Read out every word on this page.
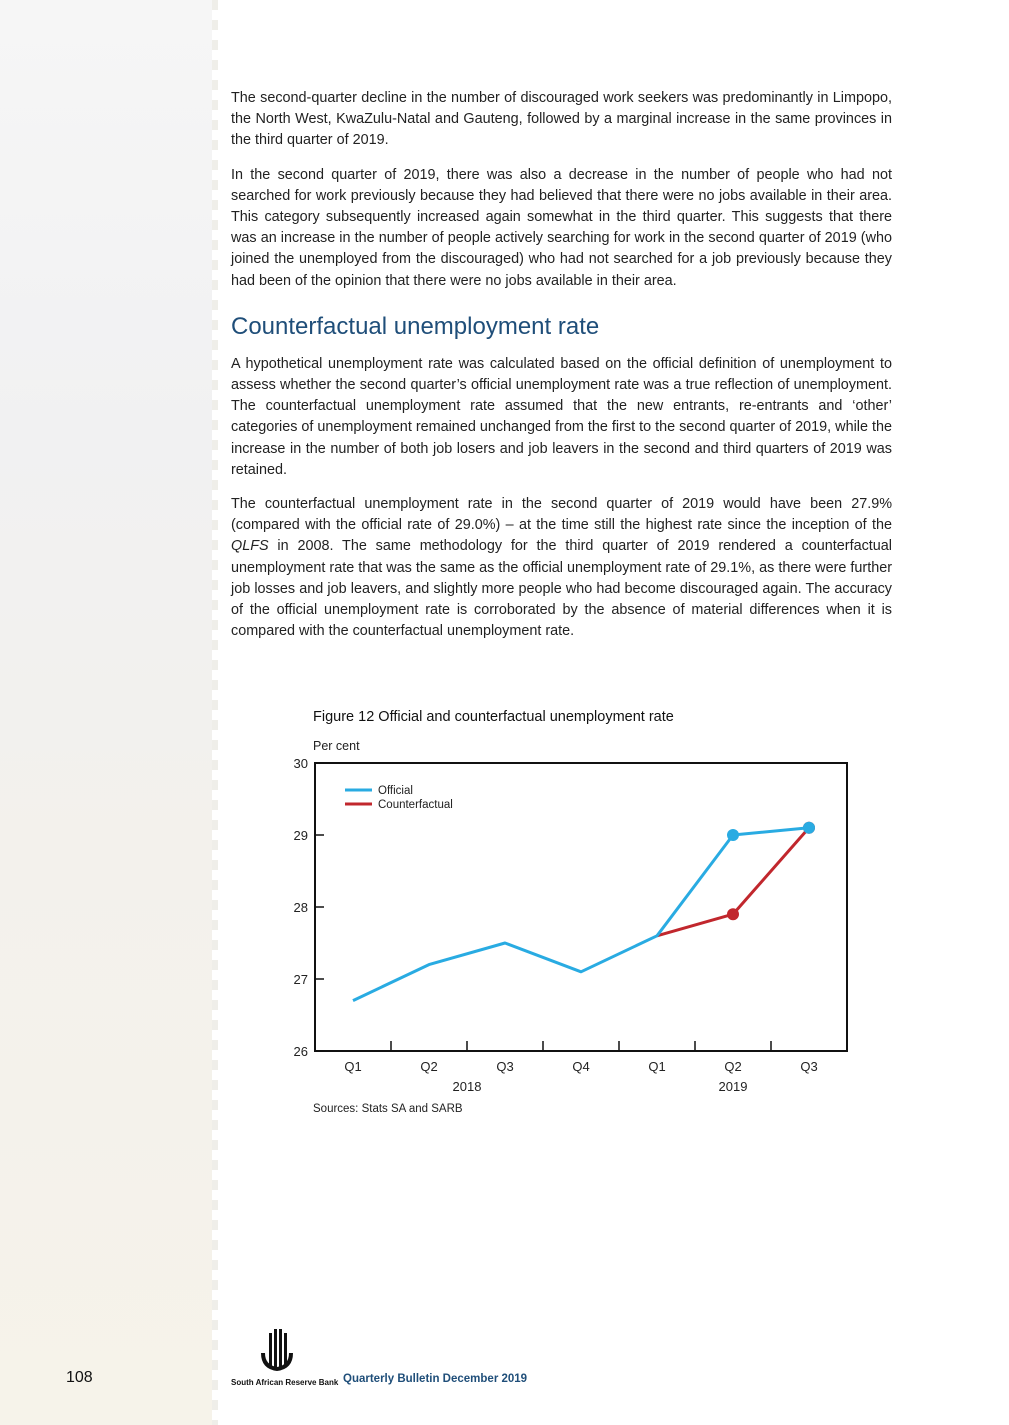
The second-quarter decline in the number of discouraged work seekers was predominantly in Limpopo, the North West, KwaZulu-Natal and Gauteng, followed by a marginal increase in the same provinces in the third quarter of 2019.

In the second quarter of 2019, there was also a decrease in the number of people who had not searched for work previously because they had believed that there were no jobs available in their area. This category subsequently increased again somewhat in the third quarter. This suggests that there was an increase in the number of people actively searching for work in the second quarter of 2019 (who joined the unemployed from the discouraged) who had not searched for a job previously because they had been of the opinion that there were no jobs available in their area.

Counterfactual unemployment rate

A hypothetical unemployment rate was calculated based on the official definition of unemployment to assess whether the second quarter’s official unemployment rate was a true reflection of unemployment. The counterfactual unemployment rate assumed that the new entrants, re-entrants and ‘other’ categories of unemployment remained unchanged from the first to the second quarter of 2019, while the increase in the number of both job losers and job leavers in the second and third quarters of 2019 was retained.

The counterfactual unemployment rate in the second quarter of 2019 would have been 27.9% (compared with the official rate of 29.0%) – at the time still the highest rate since the inception of the QLFS in 2008. The same methodology for the third quarter of 2019 rendered a counterfactual unemployment rate that was the same as the official unemployment rate of 29.1%, as there were further job losses and job leavers, and slightly more people who had become discouraged again. The accuracy of the official unemployment rate is corroborated by the absence of material differences when it is compared with the counterfactual unemployment rate.

Figure 12 Official and counterfactual unemployment rate
Per cent
26
27
28
29
30
Q1	Q2	Q3	Q4	Q1	Q2	Q3
2018	2019
Official
Counterfactual
Sources: Stats SA and SARB
South African Reserve Bank
108	Quarterly Bulletin December 2019
